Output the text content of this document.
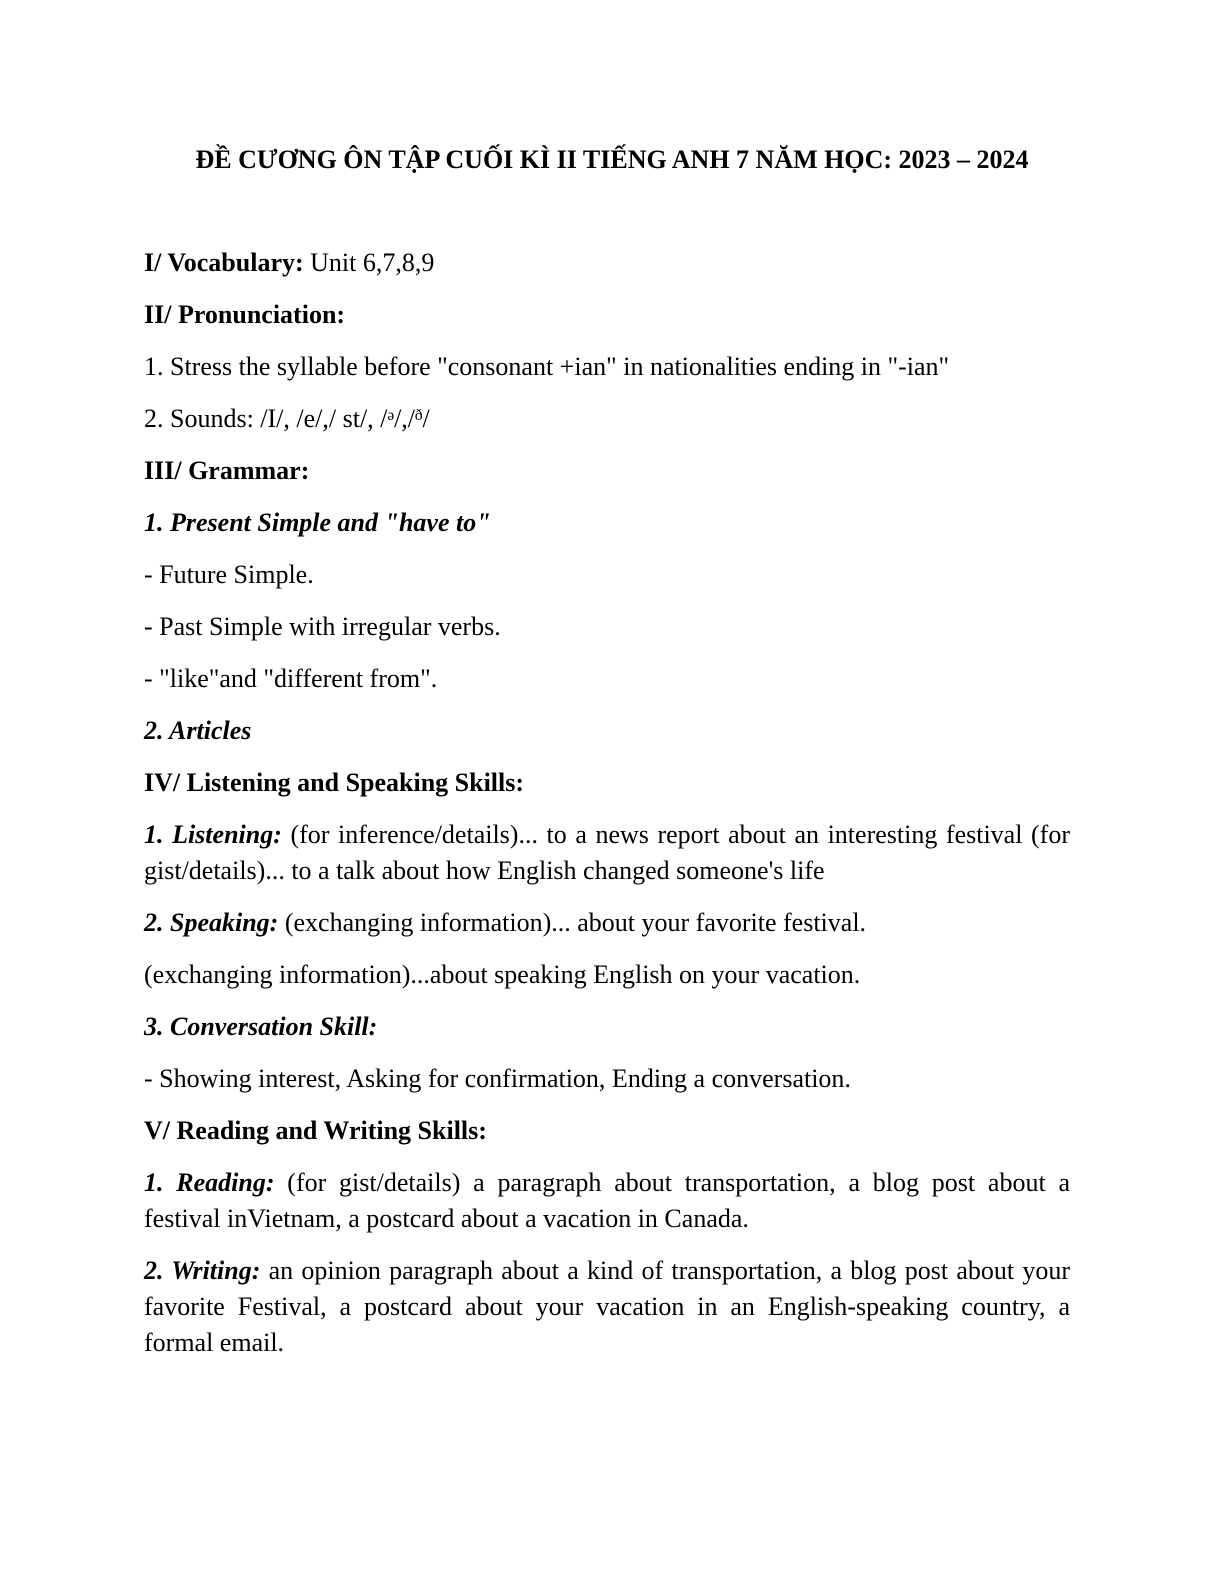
ĐỀ CƯƠNG ÔN TẬP CUỐI KÌ II TIẾNG ANH 7 NĂM HỌC: 2023 – 2024
I/ Vocabulary: Unit 6,7,8,9
II/ Pronunciation:
1. Stress the syllable before "consonant +ian" in nationalities ending in "-ian"
2. Sounds: /I/, /e/,/ st/, /ᵊ/,/ᶞ/
III/ Grammar:
1. Present Simple and "have to"
- Future Simple.
- Past Simple with irregular verbs.
- "like"and "different from".
2. Articles
IV/ Listening and Speaking Skills:
1. Listening: (for inference/details)... to a news report about an interesting festival (for gist/details)... to a talk about how English changed someone's life
2. Speaking: (exchanging information)... about your favorite festival.
(exchanging information)...about speaking English on your vacation.
3. Conversation Skill:
- Showing interest, Asking for confirmation, Ending a conversation.
V/ Reading and Writing Skills:
1. Reading: (for gist/details) a paragraph about transportation, a blog post about a festival inVietnam, a postcard about a vacation in Canada.
2. Writing: an opinion paragraph about a kind of transportation, a blog post about your favorite Festival, a postcard about your vacation in an English-speaking country, a formal email.
